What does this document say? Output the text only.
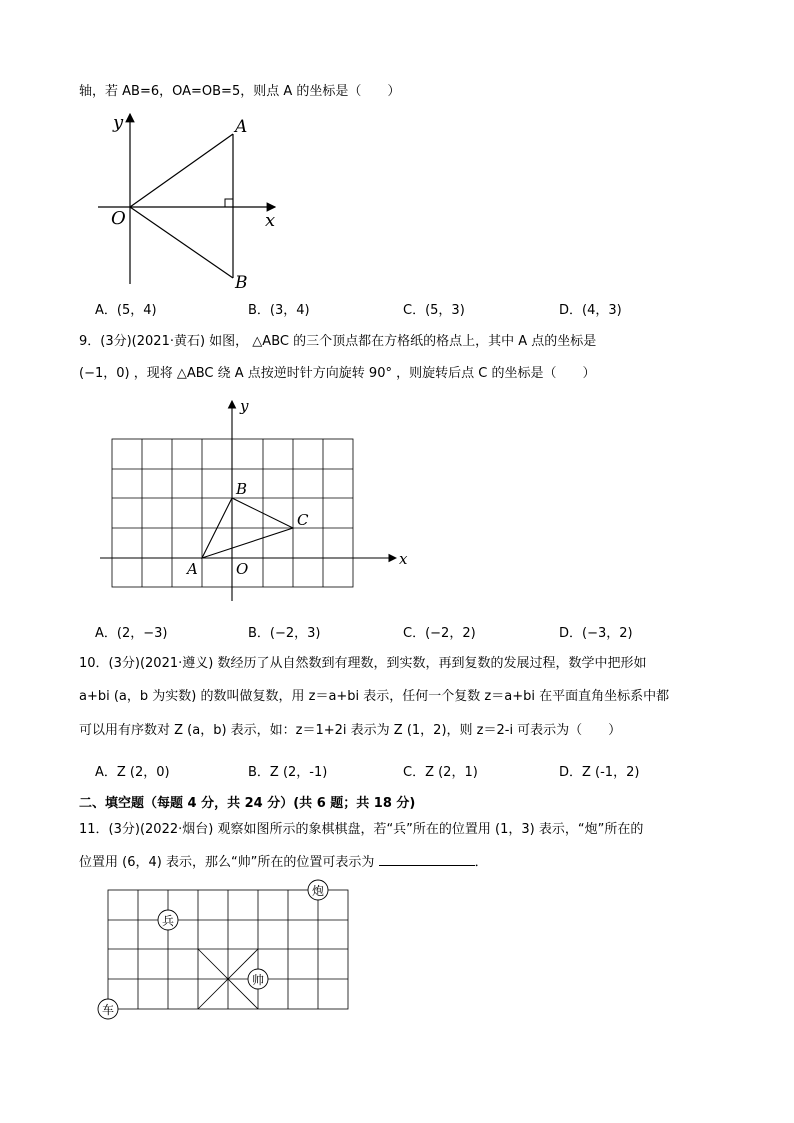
轴，若 AB=6，OA=OB=5，则点 A 的坐标是（　　）
y
x
O
A
B
A．(5，4)	B．(3，4)	C．(5，3)	D．(4，3)
9．(3分)(2021·黄石) 如图， △ABC 的三个顶点都在方格纸的格点上，其中 A 点的坐标是
(−1，0) ，现将 △ABC 绕 A 点按逆时针方向旋转 90° ，则旋转后点 C 的坐标是（　　）
y
x
B
C
A	O
A．(2，−3)	B．(−2，3)	C．(−2，2)	D．(−3，2)
10．(3分)(2021·遵义) 数经历了从自然数到有理数，到实数，再到复数的发展过程，数学中把形如
a+bi (a，b 为实数) 的数叫做复数，用 z＝a+bi 表示，任何一个复数 z＝a+bi 在平面直角坐标系中都
可以用有序数对 Z (a，b) 表示，如：z＝1+2i 表示为 Z (1，2)，则 z＝2-i 可表示为（　　）
A．Z (2，0)	B．Z (2，-1)	C．Z (2，1)	D．Z (-1，2)
二、填空题（每题 4 分，共 24 分）(共 6 题；共 18 分)
11．(3分)(2022·烟台) 观察如图所示的象棋棋盘，若“兵”所在的位置用 (1，3) 表示，“炮”所在的
位置用 (6，4) 表示，那么“帅”所在的位置可表示为	．
炮
兵
帅
车
